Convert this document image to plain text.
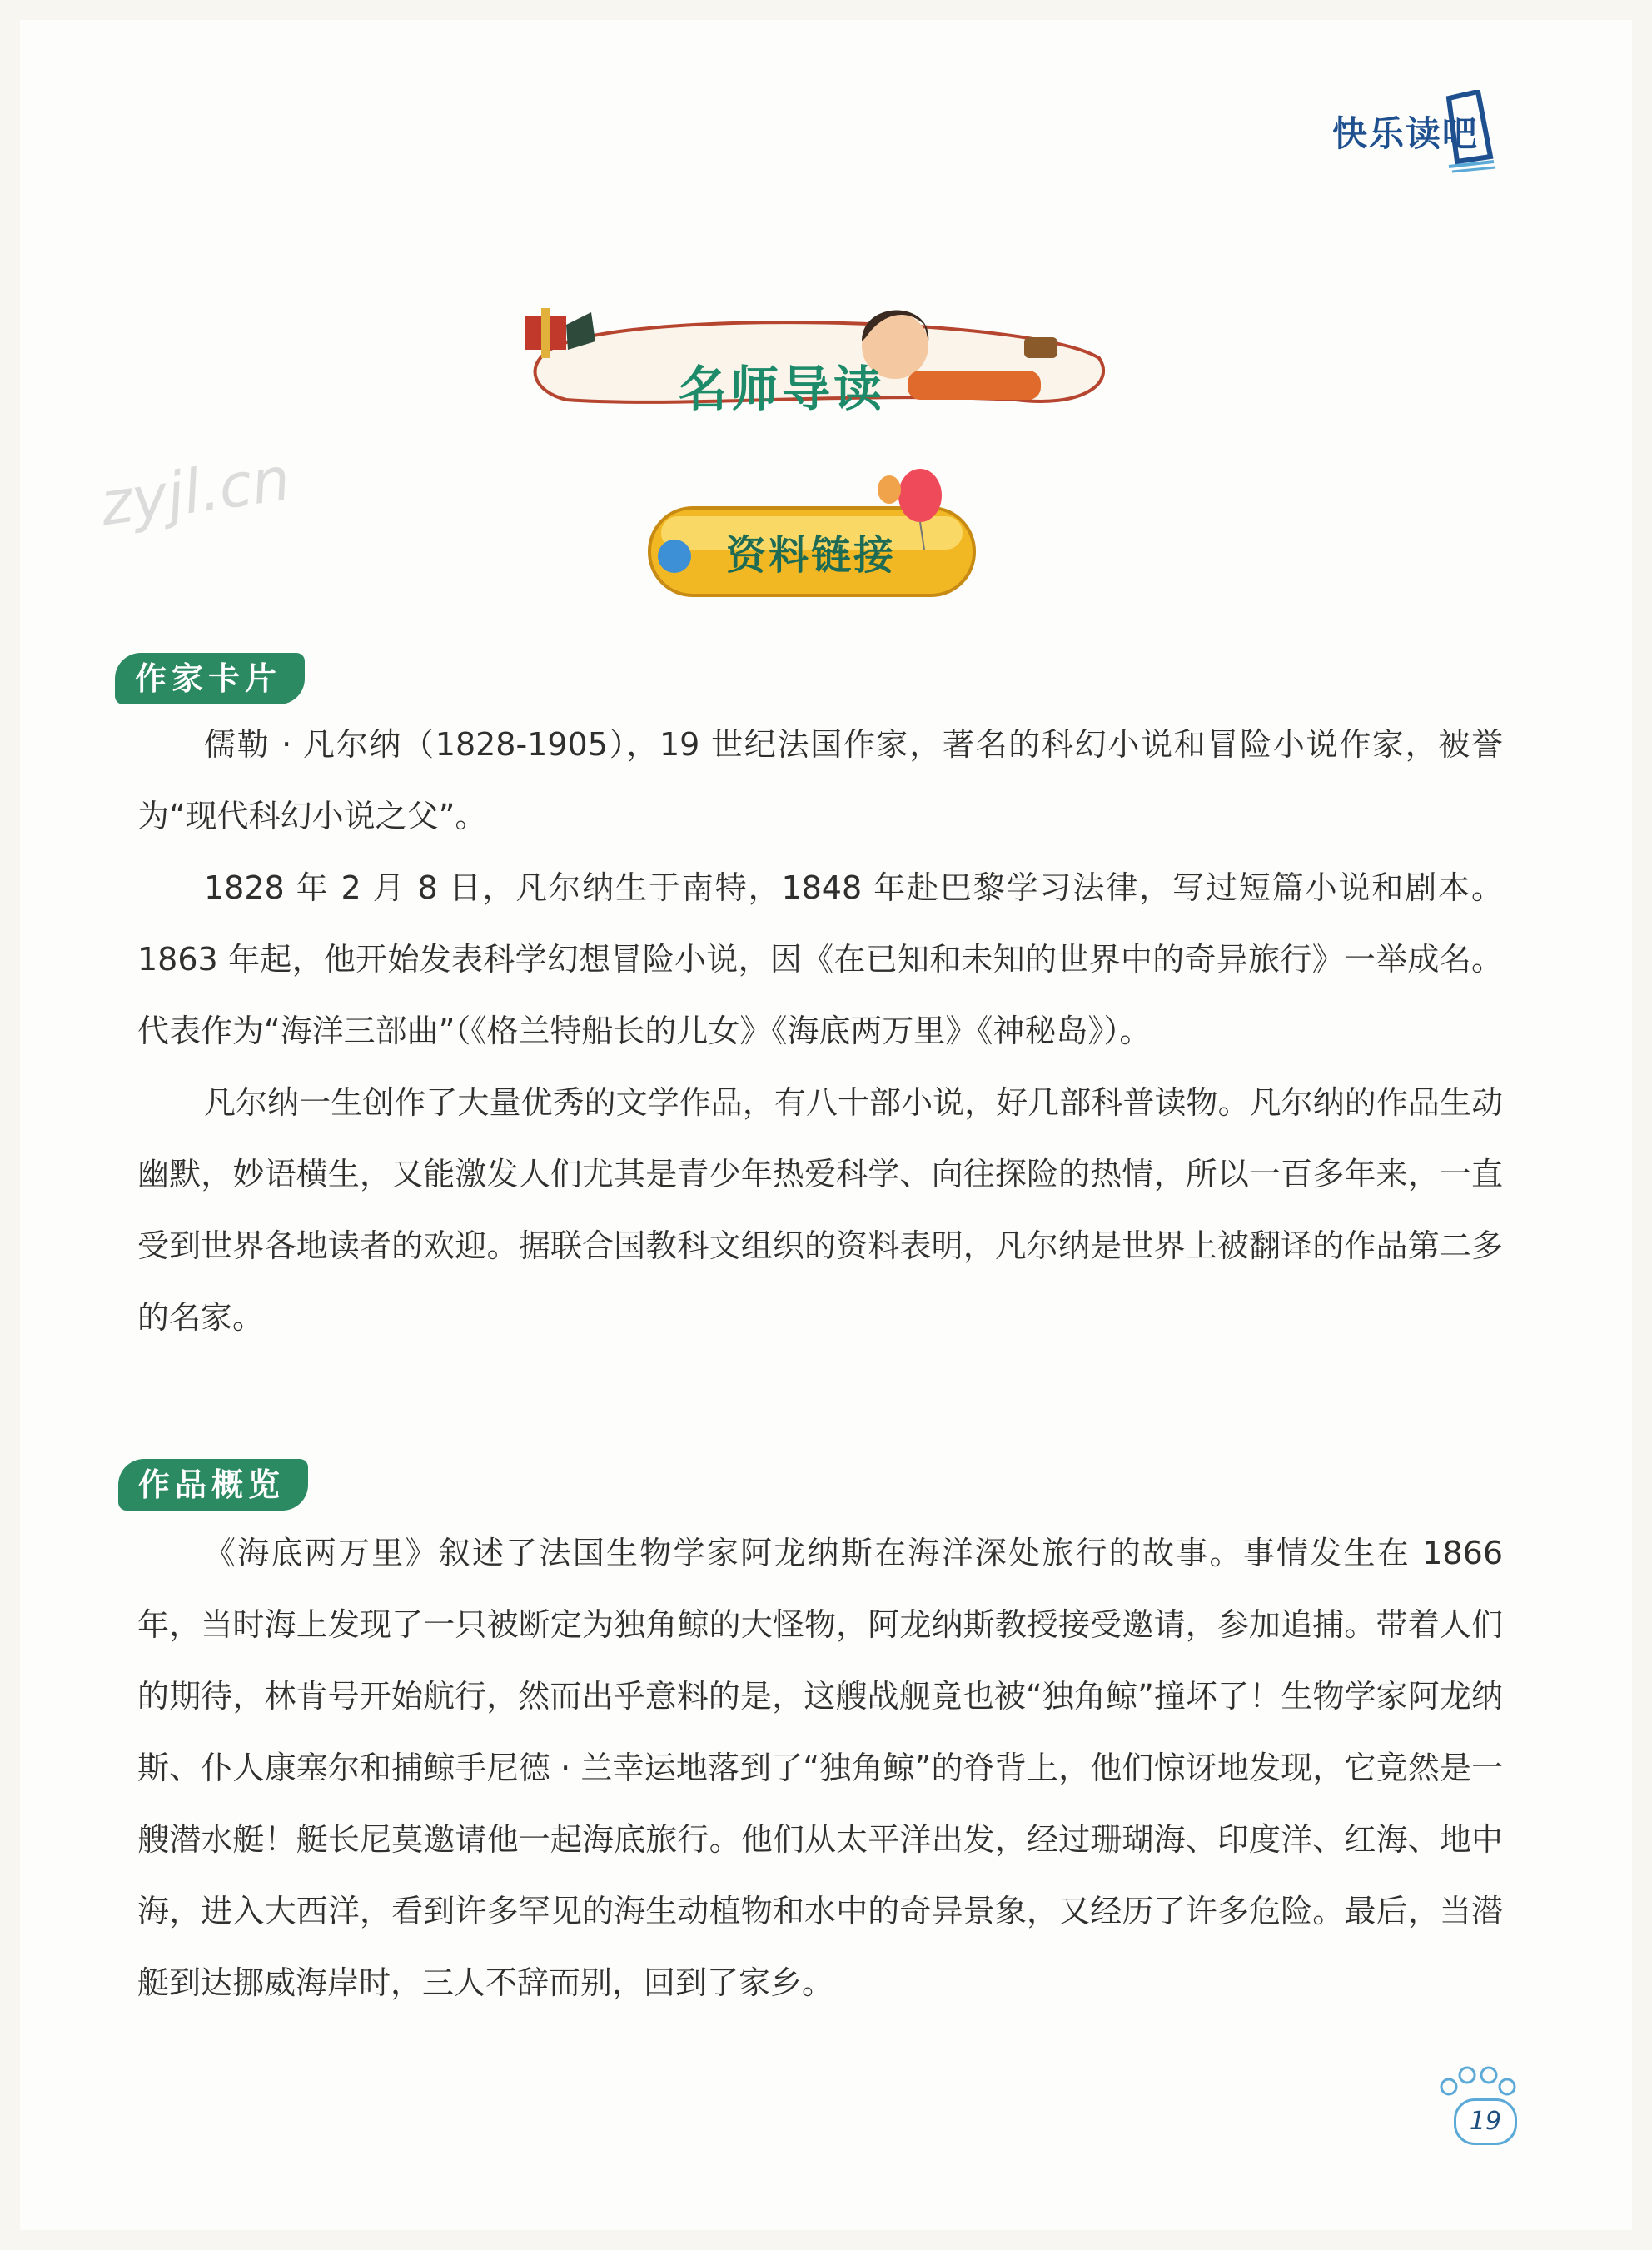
快乐读吧
zyjl.cn
名师导读
资料链接
作家卡片

儒勒 · 凡尔纳（1828-1905），19 世纪法国作家，著名的科幻小说和冒险小说作家，被誉为“现代科幻小说之父”。

1828 年 2 月 8 日，凡尔纳生于南特，1848 年赴巴黎学习法律，写过短篇小说和剧本。1863 年起，他开始发表科学幻想冒险小说，因《在已知和未知的世界中的奇异旅行》一举成名。代表作为“海洋三部曲”（《格兰特船长的儿女》《海底两万里》《神秘岛》）。

凡尔纳一生创作了大量优秀的文学作品，有八十部小说，好几部科普读物。凡尔纳的作品生动幽默，妙语横生，又能激发人们尤其是青少年热爱科学、向往探险的热情，所以一百多年来，一直受到世界各地读者的欢迎。据联合国教科文组织的资料表明，凡尔纳是世界上被翻译的作品第二多的名家。

作品概览

《海底两万里》叙述了法国生物学家阿龙纳斯在海洋深处旅行的故事。事情发生在 1866 年，当时海上发现了一只被断定为独角鲸的大怪物，阿龙纳斯教授接受邀请，参加追捕。带着人们的期待，林肯号开始航行，然而出乎意料的是，这艘战舰竟也被“独角鲸”撞坏了！生物学家阿龙纳斯、仆人康塞尔和捕鲸手尼德 · 兰幸运地落到了“独角鲸”的脊背上，他们惊讶地发现，它竟然是一艘潜水艇！艇长尼莫邀请他一起海底旅行。他们从太平洋出发，经过珊瑚海、印度洋、红海、地中海，进入大西洋，看到许多罕见的海生动植物和水中的奇异景象，又经历了许多危险。最后，当潜艇到达挪威海岸时，三人不辞而别，回到了家乡。

19
